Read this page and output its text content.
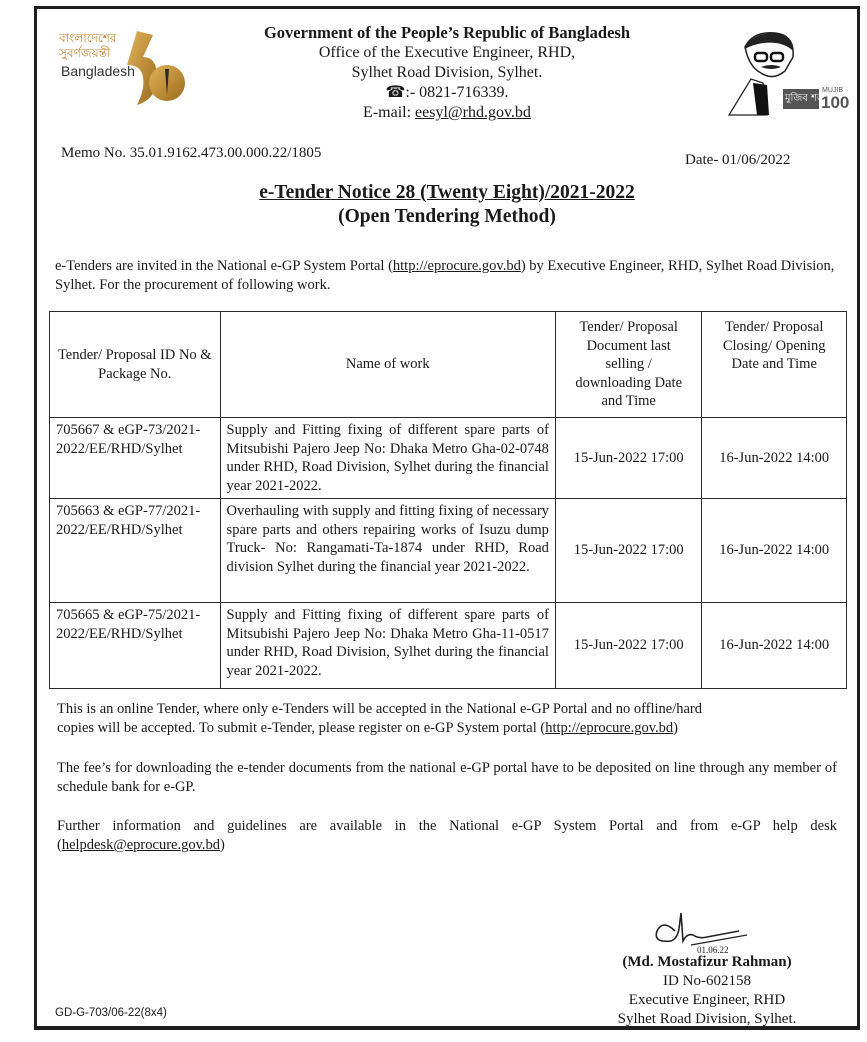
বাংলাদেশের
সুবর্ণজয়ন্তী
Bangladesh
Government of the People’s Republic of Bangladesh
Office of the Executive Engineer, RHD,
Sylhet Road Division, Sylhet.
☎:- 0821-716339.
E-mail: eesyl@rhd.gov.bd
মুজিব শতবর্ষ
MUJIB
100
Memo No. 35.01.9162.473.00.000.22/1805	Date- 01/06/2022
e-Tender Notice 28 (Twenty Eight)/2021-2022
(Open Tendering Method)
e-Tenders are invited in the National e-GP System Portal (http://eprocure.gov.bd) by Executive Engineer, RHD, Sylhet Road Division, Sylhet. For the procurement of following work.
Tender/ Proposal ID No & Package No.	Name of work	Tender/ Proposal Document last selling / downloading Date and Time	Tender/ Proposal Closing/ Opening Date and Time
705667 & eGP-73/2021-2022/EE/RHD/Sylhet	Supply and Fitting fixing of different spare parts of Mitsubishi Pajero Jeep No: Dhaka Metro Gha-02-0748 under RHD, Road Division, Sylhet during the financial year 2021-2022.	15-Jun-2022 17:00	16-Jun-2022 14:00
705663 & eGP-77/2021-2022/EE/RHD/Sylhet	Overhauling with supply and fitting fixing of necessary spare parts and others repairing works of Isuzu dump Truck- No: Rangamati-Ta-1874 under RHD, Road division Sylhet during the financial year 2021-2022.	15-Jun-2022 17:00	16-Jun-2022 14:00
705665 & eGP-75/2021-2022/EE/RHD/Sylhet	Supply and Fitting fixing of different spare parts of Mitsubishi Pajero Jeep No: Dhaka Metro Gha-11-0517 under RHD, Road Division, Sylhet during the financial year 2021-2022.	15-Jun-2022 17:00	16-Jun-2022 14:00
This is an online Tender, where only e-Tenders will be accepted in the National e-GP Portal and no offline/hard
copies will be accepted. To submit e-Tender, please register on e-GP System portal (http://eprocure.gov.bd)
The fee’s for downloading the e-tender documents from the national e-GP portal have to be deposited on line through any member of schedule bank for e-GP.
Further information and guidelines are available in the National e-GP System Portal and from e-GP help desk (helpdesk@eprocure.gov.bd)
01.06.22
(Md. Mostafizur Rahman)
ID No-602158
Executive Engineer, RHD
Sylhet Road Division, Sylhet.
GD-G-703/06-22(8x4)
